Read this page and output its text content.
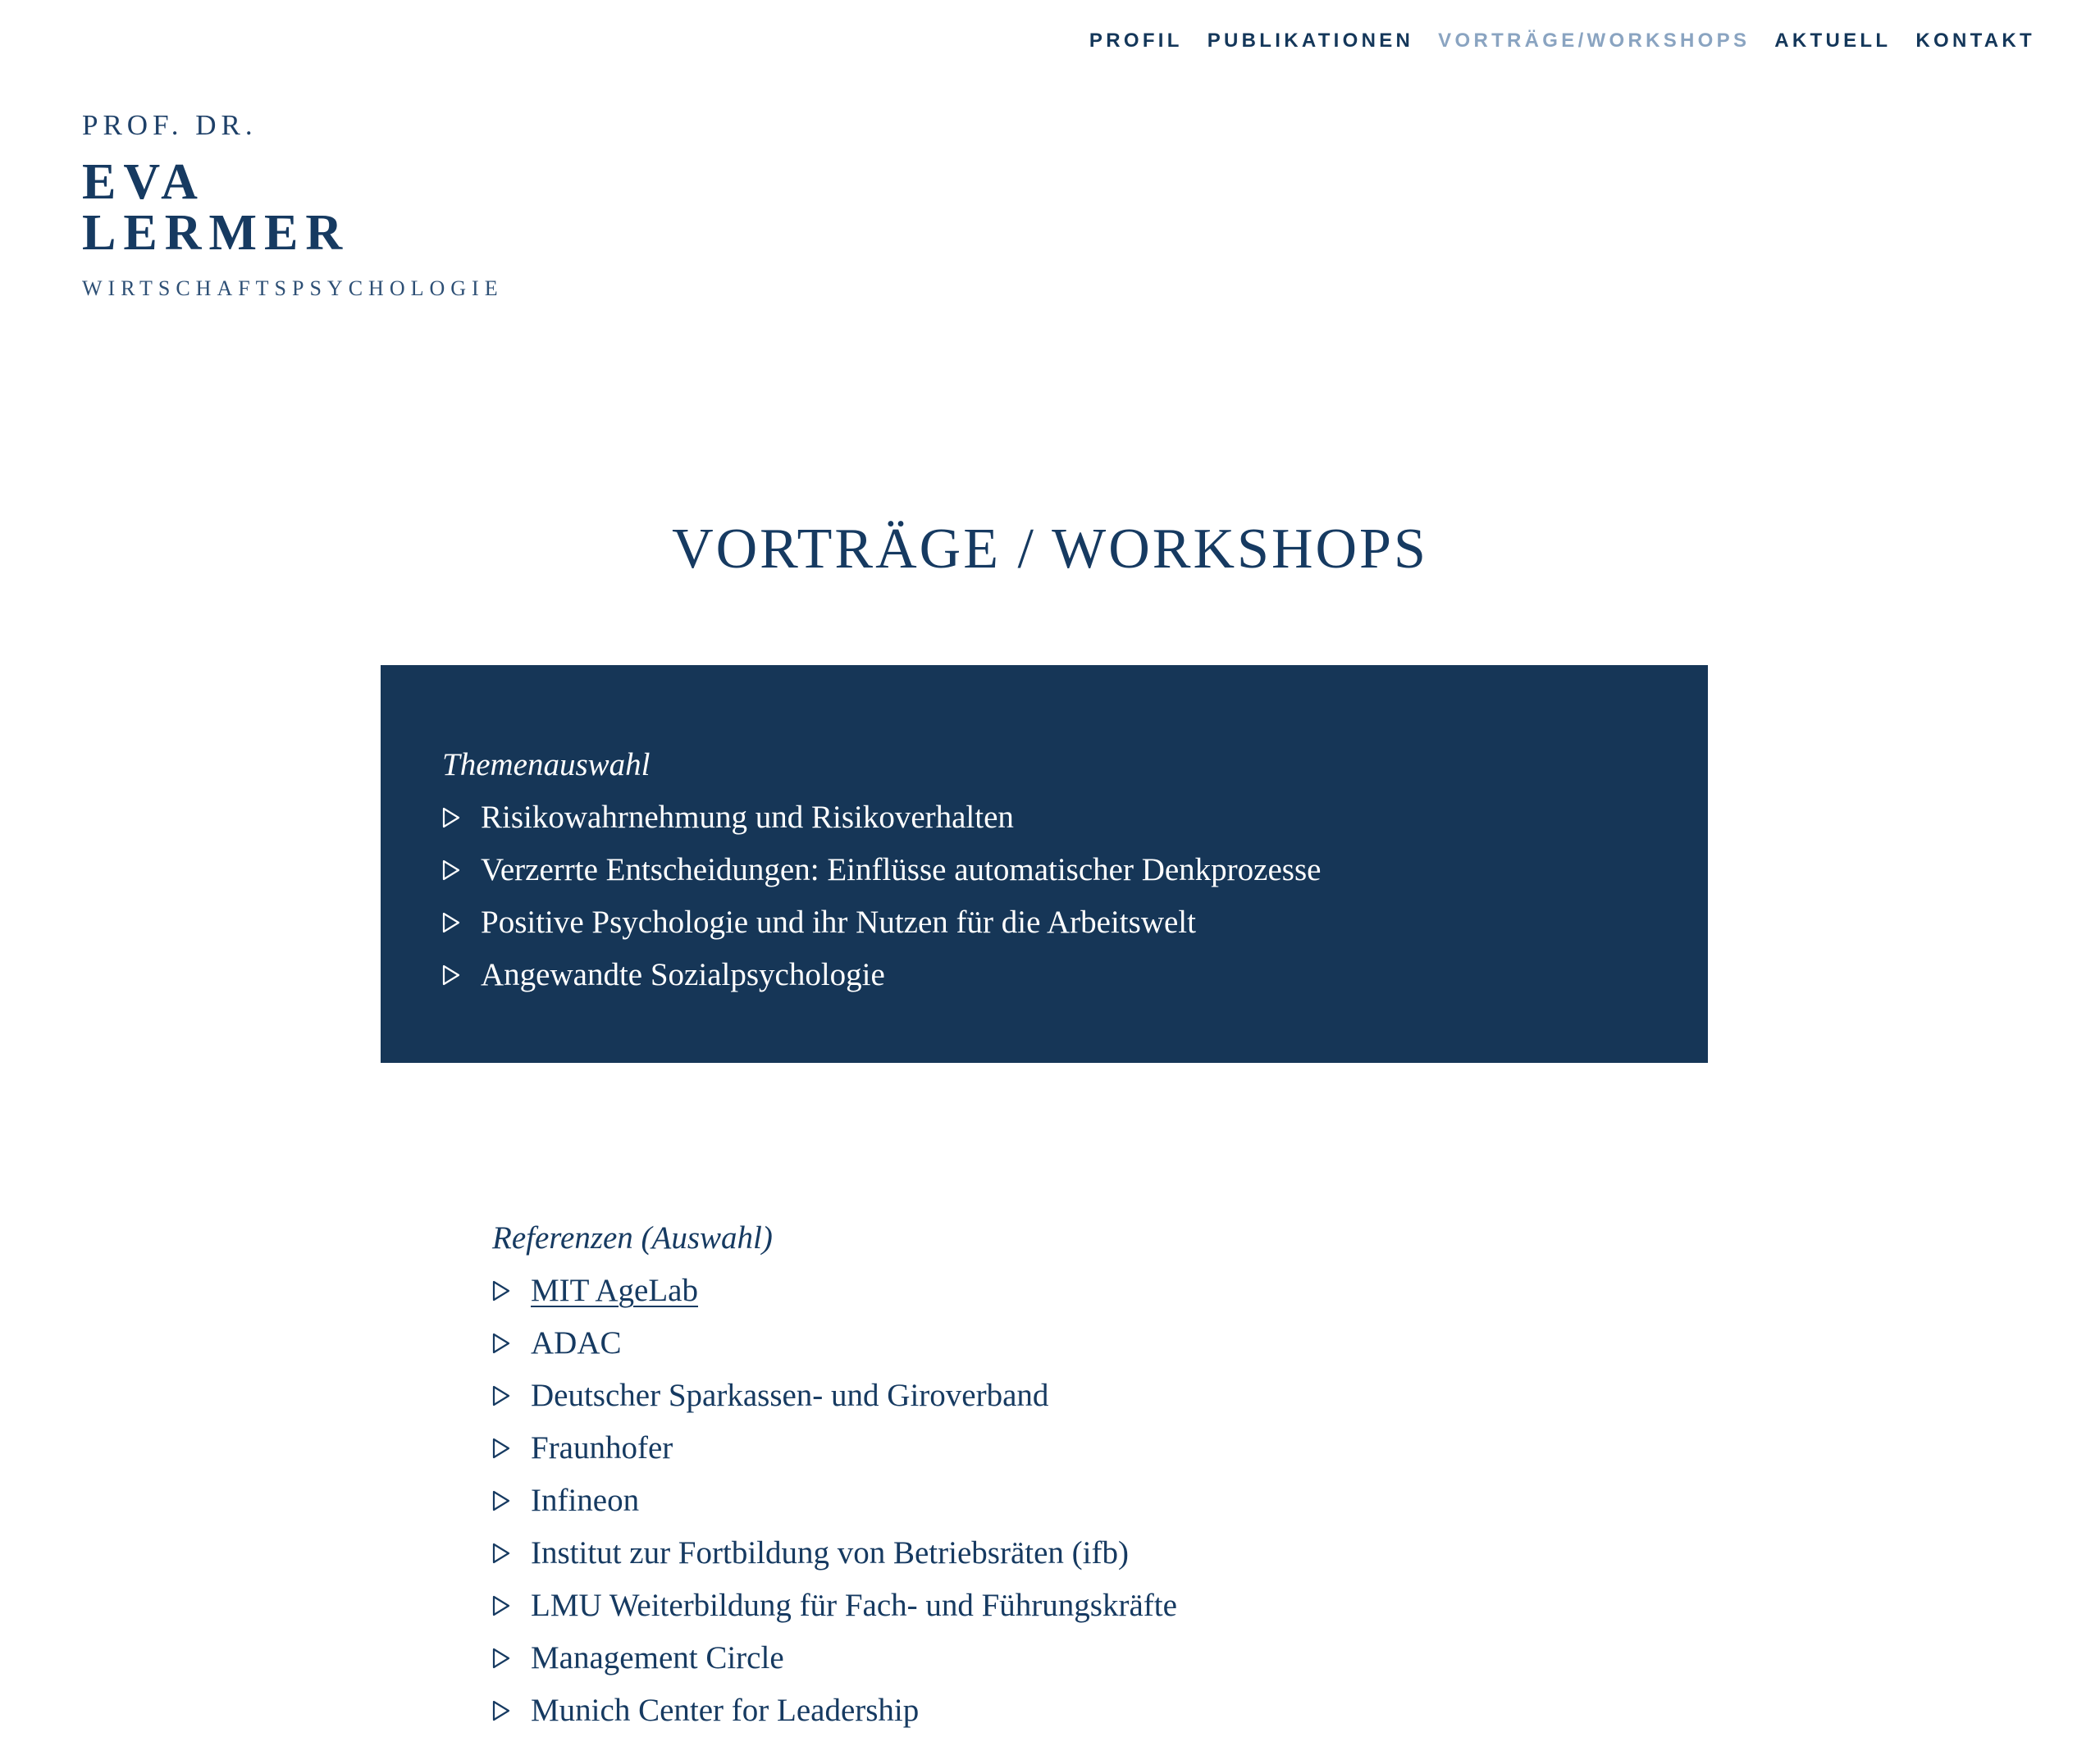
PROFIL PUBLIKATIONEN VORTRÄGE/WORKSHOPS AKTUELL KONTAKT
PROF. DR.
EVA
LERMER
WIRTSCHAFTSPSYCHOLOGIE
VORTRÄGE / WORKSHOPS
Themenauswahl
Risikowahrnehmung und Risikoverhalten
Verzerrte Entscheidungen: Einflüsse automatischer Denkprozesse
Positive Psychologie und ihr Nutzen für die Arbeitswelt
Angewandte Sozialpsychologie
Referenzen (Auswahl)
MIT AgeLab
ADAC
Deutscher Sparkassen- und Giroverband
Fraunhofer
Infineon
Institut zur Fortbildung von Betriebsräten (ifb)
LMU Weiterbildung für Fach- und Führungskräfte
Management Circle
Munich Center for Leadership
